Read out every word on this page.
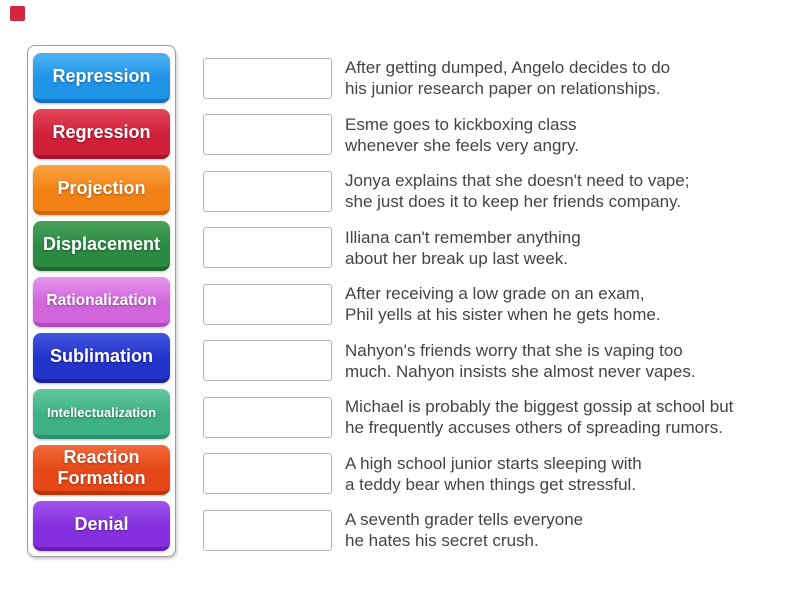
Repression
Regression
Projection
Displacement
Rationalization
Sublimation
Intellectualization
Reaction Formation
Denial
After getting dumped, Angelo decides to do
his junior research paper on relationships.
Esme goes to kickboxing class
whenever she feels very angry.
Jonya explains that she doesn't need to vape;
she just does it to keep her friends company.
Illiana can't remember anything
about her break up last week.
After receiving a low grade on an exam,
Phil yells at his sister when he gets home.
Nahyon's friends worry that she is vaping too
much. Nahyon insists she almost never vapes.
Michael is probably the biggest gossip at school but
he frequently accuses others of spreading rumors.
A high school junior starts sleeping with
a teddy bear when things get stressful.
A seventh grader tells everyone
he hates his secret crush.
